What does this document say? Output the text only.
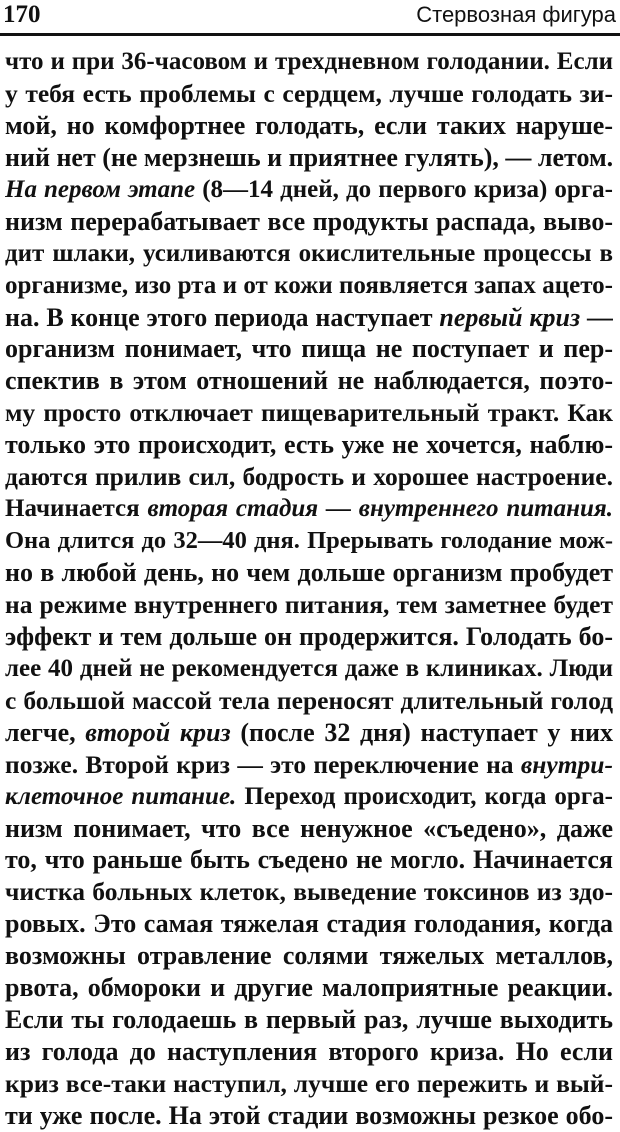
170	Стервозная фигура
что и при 36-часовом и трехдневном голодании. Если
у тебя есть проблемы с сердцем, лучше голодать зи-
мой, но комфортнее голодать, если таких наруше-
ний нет (не мерзнешь и приятнее гулять), — летом.
На первом этапе (8—14 дней, до первого криза) орга-
низм перерабатывает все продукты распада, выво-
дит шлаки, усиливаются окислительные процессы в
организме, изо рта и от кожи появляется запах ацето-
на. В конце этого периода наступает первый криз —
организм понимает, что пища не поступает и пер-
спектив в этом отношений не наблюдается, поэто-
му просто отключает пищеварительный тракт. Как
только это происходит, есть уже не хочется, наблю-
даются прилив сил, бодрость и хорошее настроение.
Начинается вторая стадия — внутреннего питания.
Она длится до 32—40 дня. Прерывать голодание мож-
но в любой день, но чем дольше организм пробудет
на режиме внутреннего питания, тем заметнее будет
эффект и тем дольше он продержится. Голодать бо-
лее 40 дней не рекомендуется даже в клиниках. Люди
с большой массой тела переносят длительный голод
легче, второй криз (после 32 дня) наступает у них
позже. Второй криз — это переключение на внутри-
клеточное питание. Переход происходит, когда орга-
низм понимает, что все ненужное «съедено», даже
то, что раньше быть съедено не могло. Начинается
чистка больных клеток, выведение токсинов из здо-
ровых. Это самая тяжелая стадия голодания, когда
возможны отравление солями тяжелых металлов,
рвота, обмороки и другие малоприятные реакции.
Если ты голодаешь в первый раз, лучше выходить
из голода до наступления второго криза. Но если
криз все-таки наступил, лучше его пережить и вый-
ти уже после. На этой стадии возможны резкое обо-
